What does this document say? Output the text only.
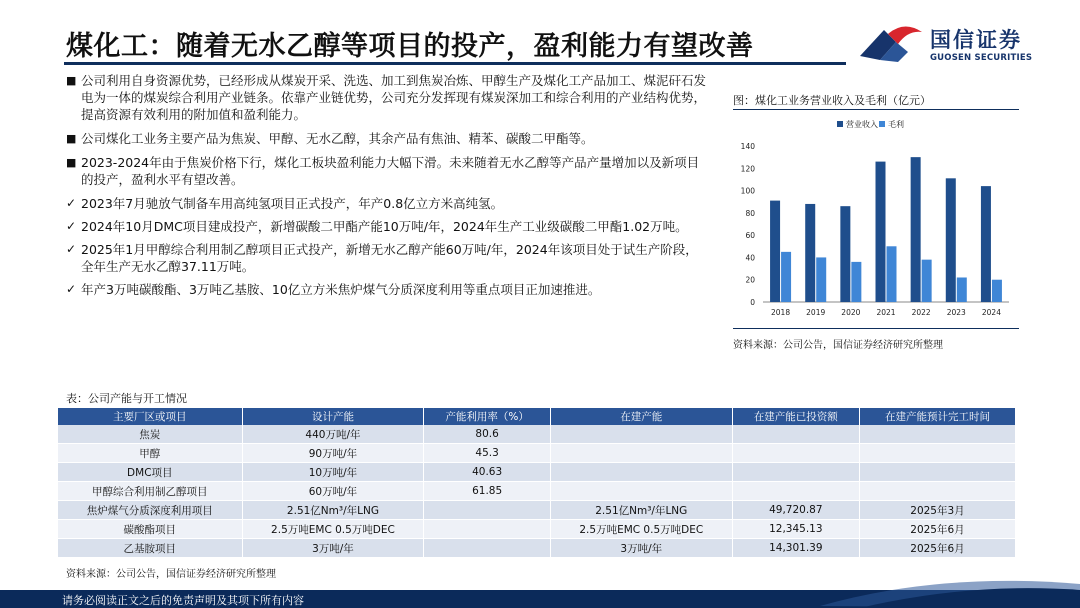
煤化工：随着无水乙醇等项目的投产，盈利能力有望改善	国信证券
GUOSEN SECURITIES
■ 公司利用自身资源优势，已经形成从煤炭开采、洗选、加工到焦炭冶炼、甲醇生产及煤化工产品加工、煤泥矸石发电为一体的煤炭综合利用产业链条。依靠产业链优势，公司充分发挥现有煤炭深加工和综合利用的产业结构优势，提高资源有效利用的附加值和盈利能力。
■ 公司煤化工业务主要产品为焦炭、甲醇、无水乙醇，其余产品有焦油、精苯、碳酸二甲酯等。
■ 2023-2024年由于焦炭价格下行，煤化工板块盈利能力大幅下滑。未来随着无水乙醇等产品产量增加以及新项目的投产，盈利水平有望改善。
✓ 2023年7月驰放气制备车用高纯氢项目正式投产，年产0.8亿立方米高纯氢。
✓ 2024年10月DMC项目建成投产，新增碳酸二甲酯产能10万吨/年，2024年生产工业级碳酸二甲酯1.02万吨。
✓ 2025年1月甲醇综合利用制乙醇项目正式投产，新增无水乙醇产能60万吨/年，2024年该项目处于试生产阶段，全年生产无水乙醇37.11万吨。
✓ 年产3万吨碳酸酯、3万吨乙基胺、10亿立方米焦炉煤气分质深度利用等重点项目正加速推进。
图：煤化工业务营业收入及毛利（亿元）
营业收入 毛利
0
20
40
60
80
100
120
140
2018 2019 2020 2021 2022 2023 2024
资料来源：公司公告，国信证券经济研究所整理
表：公司产能与开工情况
主要厂区或项目	设计产能	产能利用率（%）	在建产能	在建产能已投资额	在建产能预计完工时间
焦炭	440万吨/年	80.6			
甲醇	90万吨/年	45.3			
DMC项目	10万吨/年	40.63			
甲醇综合利用制乙醇项目	60万吨/年	61.85			
焦炉煤气分质深度利用项目	2.51亿Nm³/年LNG		2.51亿Nm³/年LNG	49,720.87	2025年3月
碳酸酯项目	2.5万吨EMC 0.5万吨DEC		2.5万吨EMC 0.5万吨DEC	12,345.13	2025年6月
乙基胺项目	3万吨/年		3万吨/年	14,301.39	2025年6月
资料来源：公司公告，国信证券经济研究所整理
请务必阅读正文之后的免责声明及其项下所有内容
